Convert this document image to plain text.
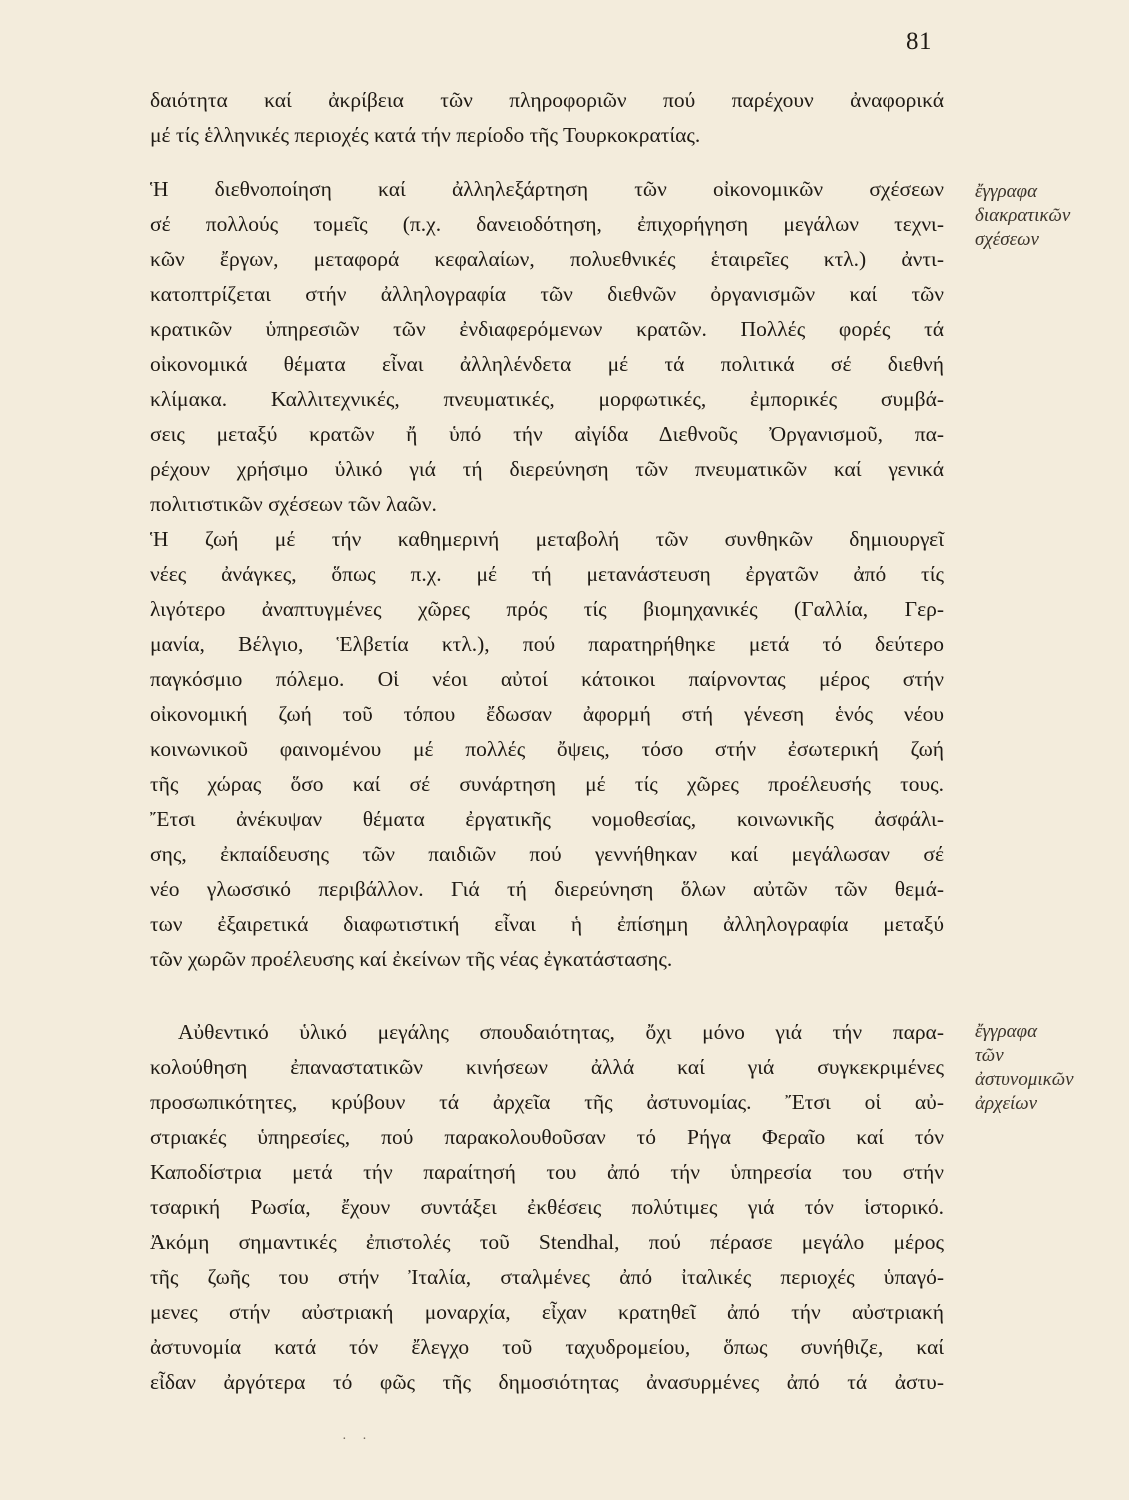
81
δαιότητα καί ἀκρίβεια τῶν πληροφοριῶν πού παρέχουν ἀναφορικά
μέ τίς ἑλληνικές περιοχές κατά τήν περίοδο τῆς Τουρκοκρατίας.
Ἡ διεθνοποίηση καί ἀλληλεξάρτηση τῶν οἰκονομικῶν σχέσεων
σέ πολλούς τομεῖς (π.χ. δανειοδότηση, ἐπιχορήγηση μεγάλων τεχνι-
κῶν ἔργων, μεταφορά κεφαλαίων, πολυεθνικές ἑταιρεῖες κτλ.) ἀντι-
κατοπτρίζεται στήν ἀλληλογραφία τῶν διεθνῶν ὀργανισμῶν καί τῶν
κρατικῶν ὑπηρεσιῶν τῶν ἐνδιαφερόμενων κρατῶν. Πολλές φορές τά
οἰκονομικά θέματα εἶναι ἀλληλένδετα μέ τά πολιτικά σέ διεθνή
κλίμακα. Καλλιτεχνικές, πνευματικές, μορφωτικές, ἐμπορικές συμβά-
σεις μεταξύ κρατῶν ἤ ὑπό τήν αἰγίδα Διεθνοῦς Ὀργανισμοῦ, πα-
ρέχουν χρήσιμο ὑλικό γιά τή διερεύνηση τῶν πνευματικῶν καί γενικά
πολιτιστικῶν σχέσεων τῶν λαῶν.
Ἡ ζωή μέ τήν καθημερινή μεταβολή τῶν συνθηκῶν δημιουργεῖ
νέες ἀνάγκες, ὅπως π.χ. μέ τή μετανάστευση ἐργατῶν ἀπό τίς
λιγότερο ἀναπτυγμένες χῶρες πρός τίς βιομηχανικές (Γαλλία, Γερ-
μανία, Βέλγιο, Ἑλβετία κτλ.), πού παρατηρήθηκε μετά τό δεύτερο
παγκόσμιο πόλεμο. Οἱ νέοι αὐτοί κάτοικοι παίρνοντας μέρος στήν
οἰκονομική ζωή τοῦ τόπου ἔδωσαν ἀφορμή στή γένεση ἑνός νέου
κοινωνικοῦ φαινομένου μέ πολλές ὄψεις, τόσο στήν ἐσωτερική ζωή
τῆς χώρας ὅσο καί σέ συνάρτηση μέ τίς χῶρες προέλευσής τους.
Ἔτσι ἀνέκυψαν θέματα ἐργατικῆς νομοθεσίας, κοινωνικῆς ἀσφάλι-
σης, ἐκπαίδευσης τῶν παιδιῶν πού γεννήθηκαν καί μεγάλωσαν σέ
νέο γλωσσικό περιβάλλον. Γιά τή διερεύνηση ὅλων αὐτῶν τῶν θεμά-
των ἐξαιρετικά διαφωτιστική εἶναι ἡ ἐπίσημη ἀλληλογραφία μεταξύ
τῶν χωρῶν προέλευσης καί ἐκείνων τῆς νέας ἐγκατάστασης.
Αὐθεντικό ὑλικό μεγάλης σπουδαιότητας, ὄχι μόνο γιά τήν παρα-
κολούθηση ἐπαναστατικῶν κινήσεων ἀλλά καί γιά συγκεκριμένες
προσωπικότητες, κρύβουν τά ἀρχεῖα τῆς ἀστυνομίας. Ἔτσι οἱ αὐ-
στριακές ὑπηρεσίες, πού παρακολουθοῦσαν τό Ρήγα Φεραῖο καί τόν
Καποδίστρια μετά τήν παραίτησή του ἀπό τήν ὑπηρεσία του στήν
τσαρική Ρωσία, ἔχουν συντάξει ἐκθέσεις πολύτιμες γιά τόν ἱστορικό.
Ἀκόμη σημαντικές ἐπιστολές τοῦ Stendhal, πού πέρασε μεγάλο μέρος
τῆς ζωῆς του στήν Ἰταλία, σταλμένες ἀπό ἰταλικές περιοχές ὑπαγό-
μενες στήν αὐστριακή μοναρχία, εἶχαν κρατηθεῖ ἀπό τήν αὐστριακή
ἀστυνομία κατά τόν ἔλεγχο τοῦ ταχυδρομείου, ὅπως συνήθιζε, καί
εἶδαν ἀργότερα τό φῶς τῆς δημοσιότητας ἀνασυρμένες ἀπό τά ἀστυ-
ἔγγραφα
διακρατικῶν
σχέσεων
ἔγγραφα
τῶν
ἀστυνομικῶν
ἀρχείων
· ·
